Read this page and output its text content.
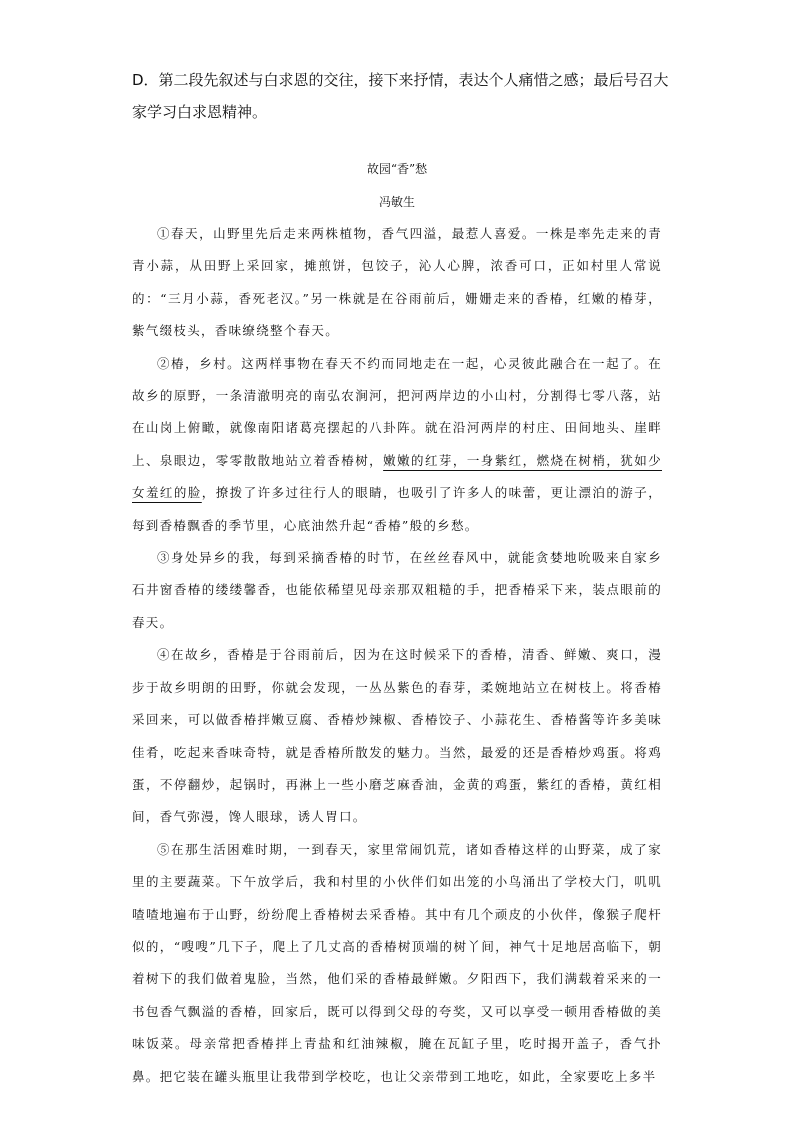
D．第二段先叙述与白求恩的交往，接下来抒情，表达个人痛惜之感；最后号召大家学习白求恩精神。
故园“香”愁
冯敏生

①春天，山野里先后走来两株植物，香气四溢，最惹人喜爱。一株是率先走来的青青小蒜，从田野上采回家，摊煎饼，包饺子，沁人心脾，浓香可口，正如村里人常说的：“三月小蒜，香死老汉。”另一株就是在谷雨前后，姗姗走来的香椿，红嫩的椿芽，紫气缀枝头，香味缭绕整个春天。

②椿，乡村。这两样事物在春天不约而同地走在一起，心灵彼此融合在一起了。在故乡的原野，一条清澈明亮的南弘农涧河，把河两岸边的小山村，分割得七零八落，站在山岗上俯瞰，就像南阳诸葛亮摆起的八卦阵。就在沿河两岸的村庄、田间地头、崖畔上、泉眼边，零零散散地站立着香椿树，嫩嫩的红芽，一身紫红，燃烧在树梢，犹如少女羞红的脸，撩拨了许多过往行人的眼睛，也吸引了许多人的味蕾，更让漂泊的游子，每到香椿飘香的季节里，心底油然升起“香椿”般的乡愁。

③身处异乡的我，每到采摘香椿的时节，在丝丝春风中，就能贪婪地吮吸来自家乡石井窗香椿的缕缕馨香，也能依稀望见母亲那双粗糙的手，把香椿采下来，装点眼前的春天。

④在故乡，香椿是于谷雨前后，因为在这时候采下的香椿，清香、鲜嫩、爽口，漫步于故乡明朗的田野，你就会发现，一丛丛紫色的春芽，柔婉地站立在树枝上。将香椿采回来，可以做香椿拌嫩豆腐、香椿炒辣椒、香椿饺子、小蒜花生、香椿酱等许多美味佳肴，吃起来香味奇特，就是香椿所散发的魅力。当然，最爱的还是香椿炒鸡蛋。将鸡蛋，不停翻炒，起锅时，再淋上一些小磨芝麻香油，金黄的鸡蛋，紫红的香椿，黄红相间，香气弥漫，馋人眼球，诱人胃口。

⑤在那生活困难时期，一到春天，家里常闹饥荒，诸如香椿这样的山野菜，成了家里的主要蔬菜。下午放学后，我和村里的小伙伴们如出笼的小鸟涌出了学校大门，叽叽喳喳地遍布于山野，纷纷爬上香椿树去采香椿。其中有几个顽皮的小伙伴，像猴子爬杆似的，“嗖嗖”几下子，爬上了几丈高的香椿树顶端的树丫间，神气十足地居高临下，朝着树下的我们做着鬼脸，当然，他们采的香椿最鲜嫩。夕阳西下，我们满载着采来的一书包香气飘溢的香椿，回家后，既可以得到父母的夸奖，又可以享受一顿用香椿做的美味饭菜。母亲常把香椿拌上青盐和红油辣椒，腌在瓦缸子里，吃时揭开盖子，香气扑鼻。把它装在罐头瓶里让我带到学校吃，也让父亲带到工地吃，如此，全家要吃上多半
